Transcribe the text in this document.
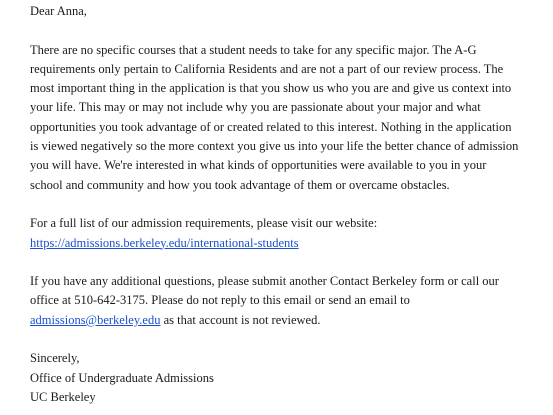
Dear Anna,
There are no specific courses that a student needs to take for any specific major. The A-G
requirements only pertain to California Residents and are not a part of our review process. The
most important thing in the application is that you show us who you are and give us context into
your life. This may or may not include why you are passionate about your major and what
opportunities you took advantage of or created related to this interest. Nothing in the application
is viewed negatively so the more context you give us into your life the better chance of admission
you will have. We're interested in what kinds of opportunities were available to you in your
school and community and how you took advantage of them or overcame obstacles.
For a full list of our admission requirements, please visit our website:
https://admissions.berkeley.edu/international-students
If you have any additional questions, please submit another Contact Berkeley form or call our
office at 510-642-3175. Please do not reply to this email or send an email to
admissions@berkeley.edu as that account is not reviewed.
Sincerely,
Office of Undergraduate Admissions
UC Berkeley
